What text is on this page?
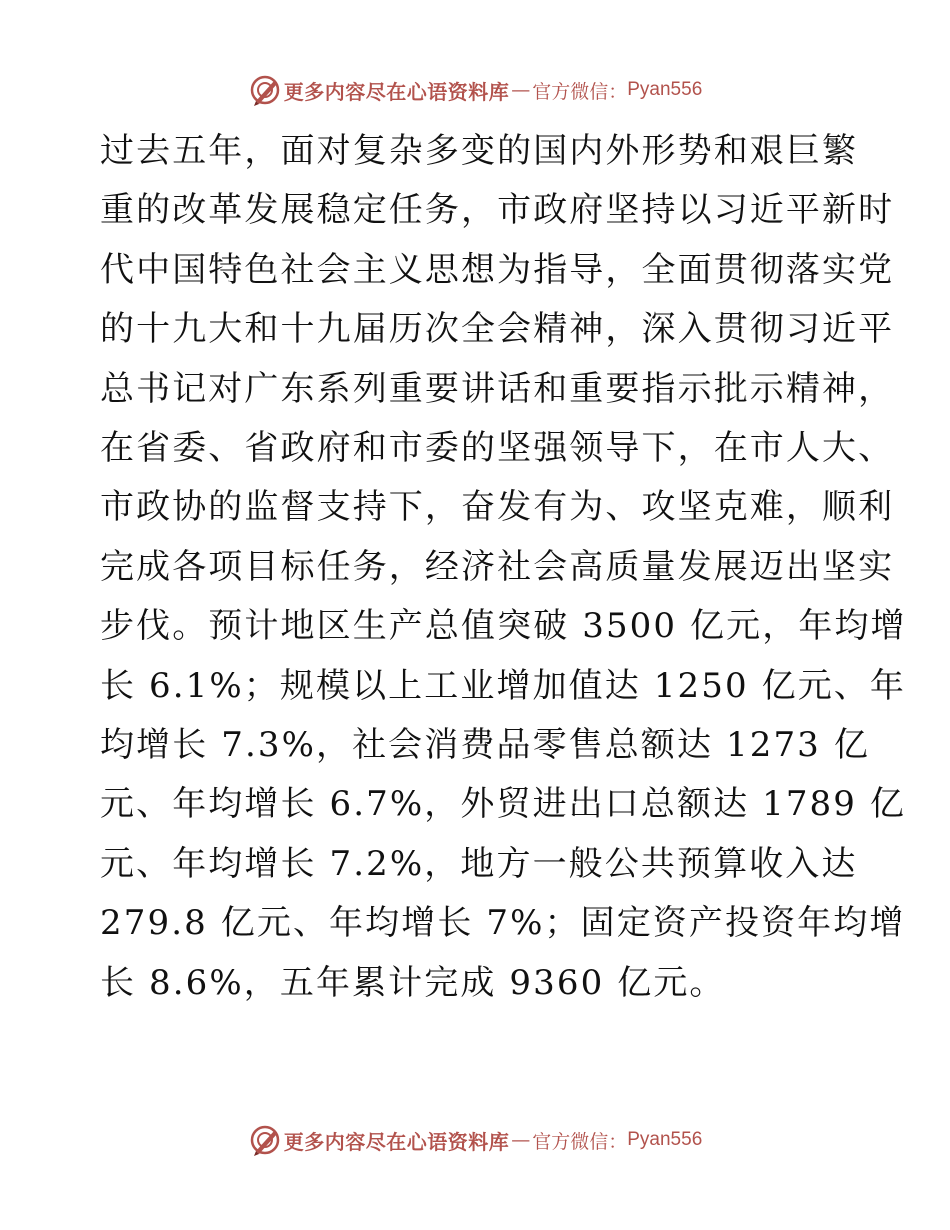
更多内容尽在心语资料库 — 官方微信： Pyan556

过去五年，面对复杂多变的国内外形势和艰巨繁

重的改革发展稳定任务，市政府坚持以习近平新时

代中国特色社会主义思想为指导，全面贯彻落实党

的十九大和十九届历次全会精神，深入贯彻习近平

总书记对广东系列重要讲话和重要指示批示精神，

在省委、省政府和市委的坚强领导下，在市人大、

市政协的监督支持下，奋发有为、攻坚克难，顺利

完成各项目标任务，经济社会高质量发展迈出坚实

步伐。预计地区生产总值突破 3500 亿元，年均增

长 6.1%；规模以上工业增加值达 1250 亿元、年

均增长 7.3%，社会消费品零售总额达 1273 亿

元、年均增长 6.7%，外贸进出口总额达 1789 亿

元、年均增长 7.2%，地方一般公共预算收入达

279.8 亿元、年均增长 7%；固定资产投资年均增

长 8.6%，五年累计完成 9360 亿元。

更多内容尽在心语资料库 — 官方微信： Pyan556
